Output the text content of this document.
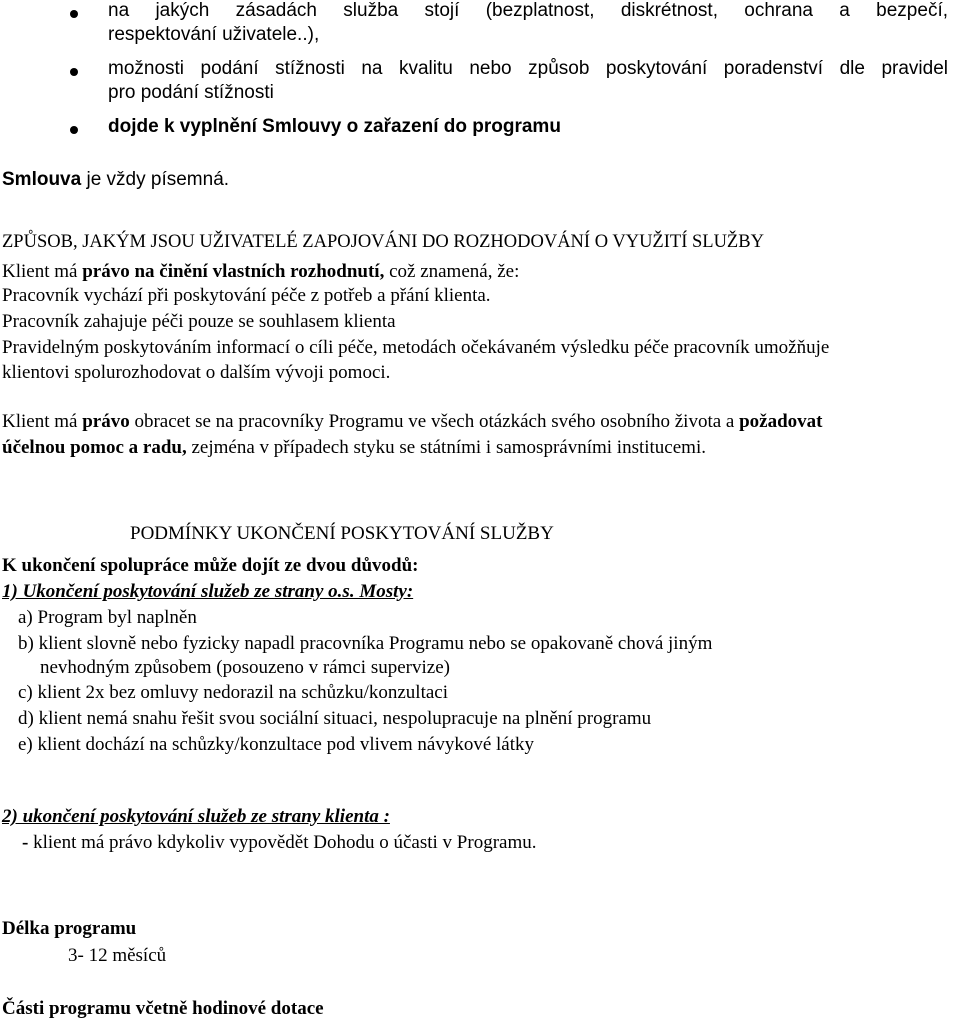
na jakých zásadách služba stojí (bezplatnost, diskrétnost, ochrana a bezpečí,
respektování uživatele..),
možnosti podání stížnosti na kvalitu nebo způsob poskytování poradenství dle pravidel
pro podání stížnosti
dojde k vyplnění Smlouvy o zařazení do programu
Smlouva je vždy písemná.
ZPŮSOB, JAKÝM JSOU UŽIVATELÉ ZAPOJOVÁNI DO ROZHODOVÁNÍ O VYUŽITÍ SLUŽBY
Klient má právo na činění vlastních rozhodnutí, což znamená, že:
Pracovník vychází při poskytování péče z potřeb a přání klienta.
Pracovník zahajuje péči pouze se souhlasem klienta
Pravidelným poskytováním informací o cíli péče, metodách očekávaném výsledku péče pracovník umožňuje
klientovi spolurozhodovat o dalším vývoji pomoci.
Klient má právo obracet se na pracovníky Programu ve všech otázkách svého osobního života a požadovat
účelnou pomoc a radu, zejména v případech styku se státními i samosprávními institucemi.
PODMÍNKY UKONČENÍ POSKYTOVÁNÍ SLUŽBY
K ukončení spolupráce může dojít ze dvou důvodů:
1) Ukončení poskytování služeb ze strany o.s. Mosty:
a) Program byl naplněn
b) klient slovně nebo fyzicky napadl pracovníka Programu nebo se opakovaně chová jiným
nevhodným způsobem (posouzeno v rámci supervize)
c) klient 2x bez omluvy nedorazil na schůzku/konzultaci
d) klient nemá snahu řešit svou sociální situaci, nespolupracuje na plnění programu
e) klient dochází na schůzky/konzultace pod vlivem návykové látky
2) ukončení poskytování služeb ze strany klienta :
- klient má právo kdykoliv vypovědět Dohodu o účasti v Programu.
Délka programu
3- 12 měsíců
Části programu včetně hodinové dotace
